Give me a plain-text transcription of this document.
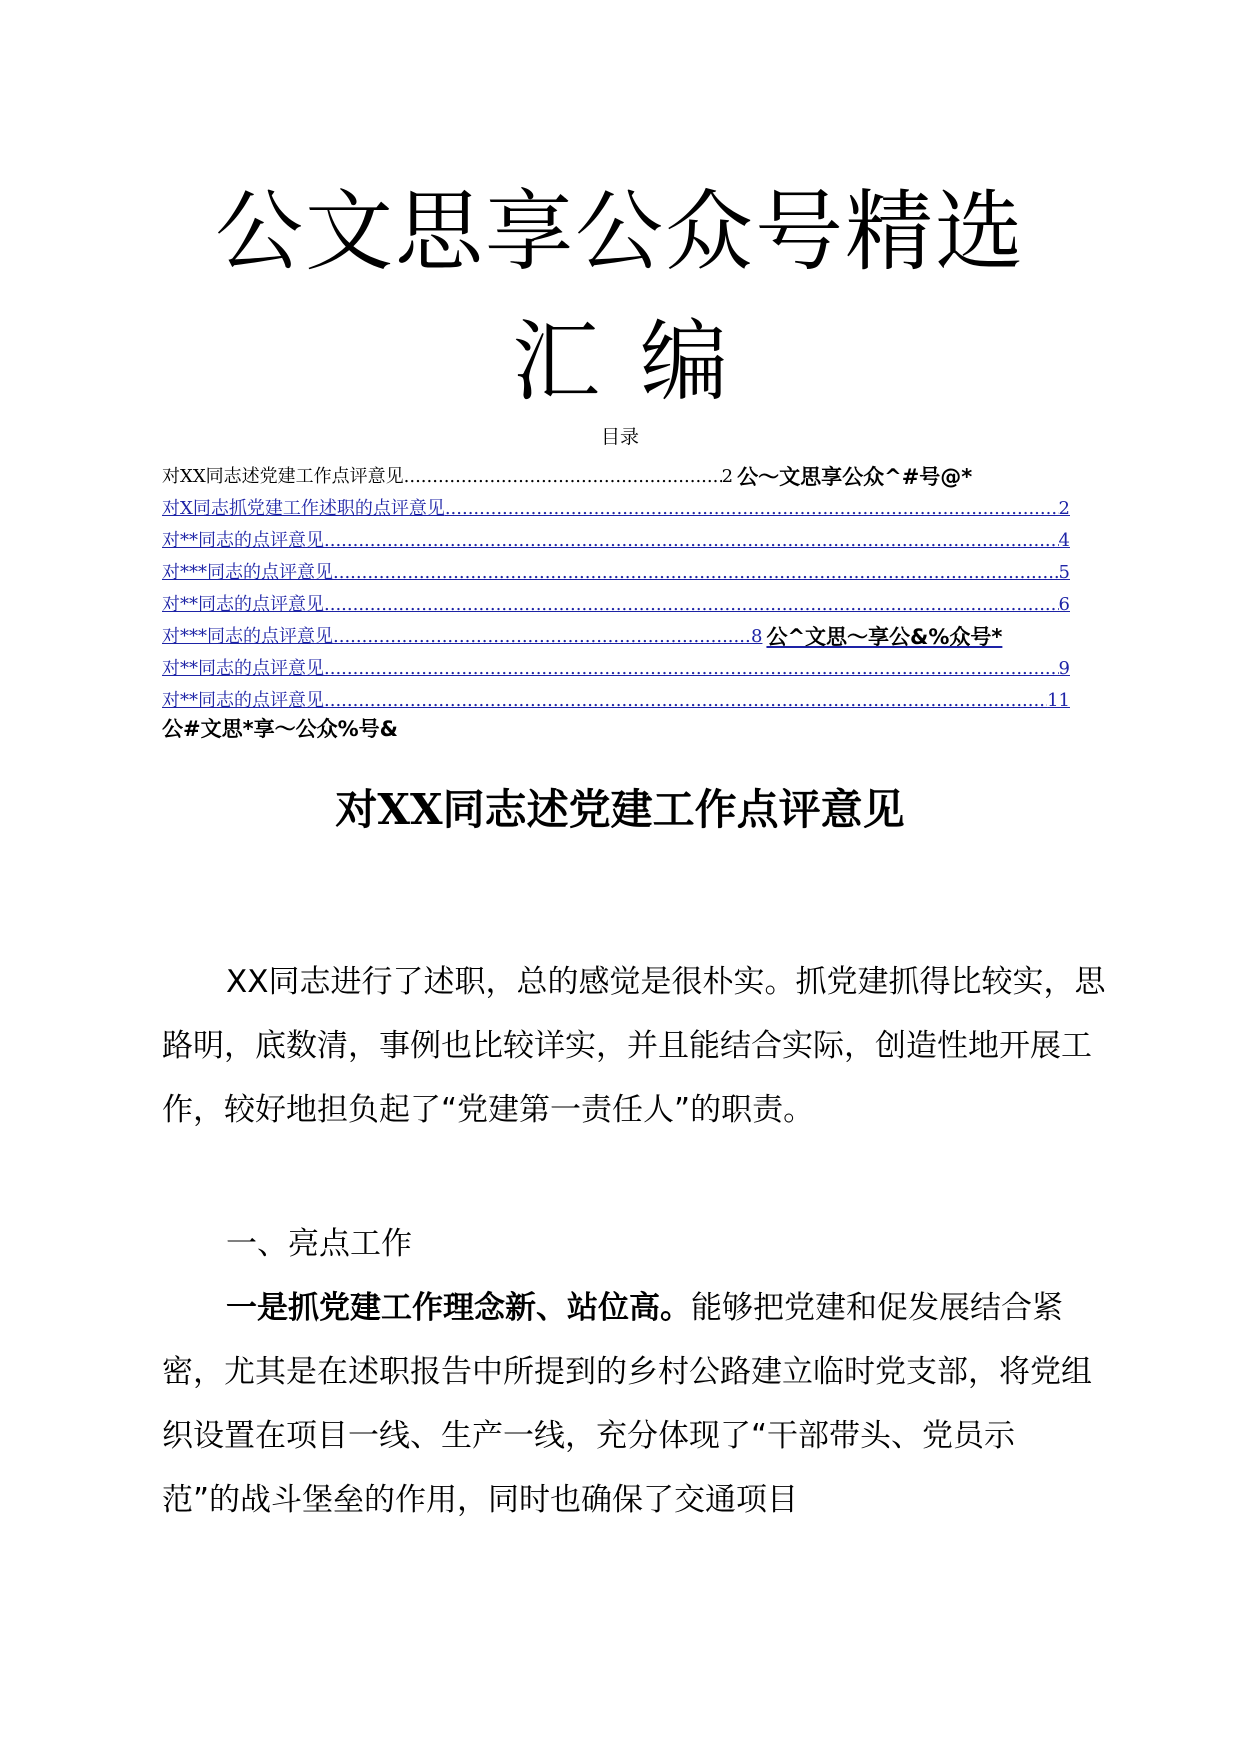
公文思享公众号精选
汇编
目录
对XX同志述党建工作点评意见 .....	2 公～文思享公众^#号@*
对X同志抓党建工作述职的点评意见 .....	2
对**同志的点评意见 .....	4
对***同志的点评意见 .....	5
对**同志的点评意见 .....	6
对***同志的点评意见 .....	8 公^文思～享公&%众号*
对**同志的点评意见 .....	9
对**同志的点评意见 .....	11
公#文思*享～公众%号&
对XX同志述党建工作点评意见
XX同志进行了述职，总的感觉是很朴实。抓党建抓得比较实，思路明，底数清，事例也比较详实，并且能结合实际，创造性地开展工作，较好地担负起了“党建第一责任人”的职责。
一、亮点工作
一是抓党建工作理念新、站位高。能够把党建和促发展结合紧密，尤其是在述职报告中所提到的乡村公路建立临时党支部，将党组织设置在项目一线、生产一线，充分体现了“干部带头、党员示范”的战斗堡垒的作用，同时也确保了交通项目
